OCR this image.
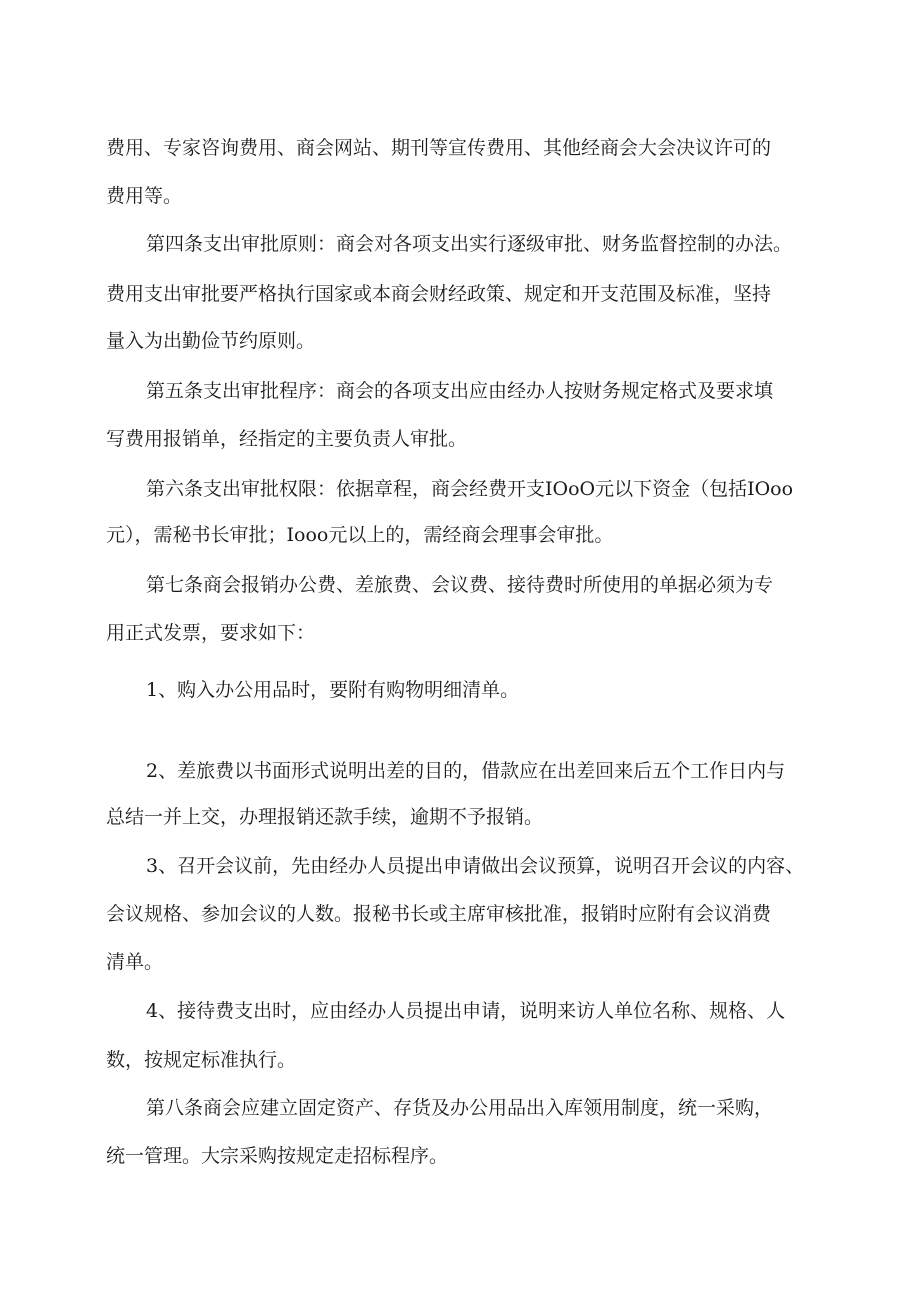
费用、专家咨询费用、商会网站、期刊等宣传费用、其他经商会大会决议许可的
费用等。
第四条支出审批原则：商会对各项支出实行逐级审批、财务监督控制的办法。
费用支出审批要严格执行国家或本商会财经政策、规定和开支范围及标准，坚持
量入为出勤俭节约原则。
第五条支出审批程序：商会的各项支出应由经办人按财务规定格式及要求填
写费用报销单，经指定的主要负责人审批。
第六条支出审批权限：依据章程，商会经费开支IOoO元以下资金（包括IOoo
元），需秘书长审批；Iooo元以上的，需经商会理事会审批。
第七条商会报销办公费、差旅费、会议费、接待费时所使用的单据必须为专
用正式发票，要求如下：
1、购入办公用品时，要附有购物明细清单。
2、差旅费以书面形式说明出差的目的，借款应在出差回来后五个工作日内与
总结一并上交，办理报销还款手续，逾期不予报销。
3、召开会议前，先由经办人员提出申请做出会议预算，说明召开会议的内容、
会议规格、参加会议的人数。报秘书长或主席审核批准，报销时应附有会议消费
清单。
4、接待费支出时，应由经办人员提出申请，说明来访人单位名称、规格、人
数，按规定标准执行。
第八条商会应建立固定资产、存货及办公用品出入库领用制度，统一采购，
统一管理。大宗采购按规定走招标程序。
